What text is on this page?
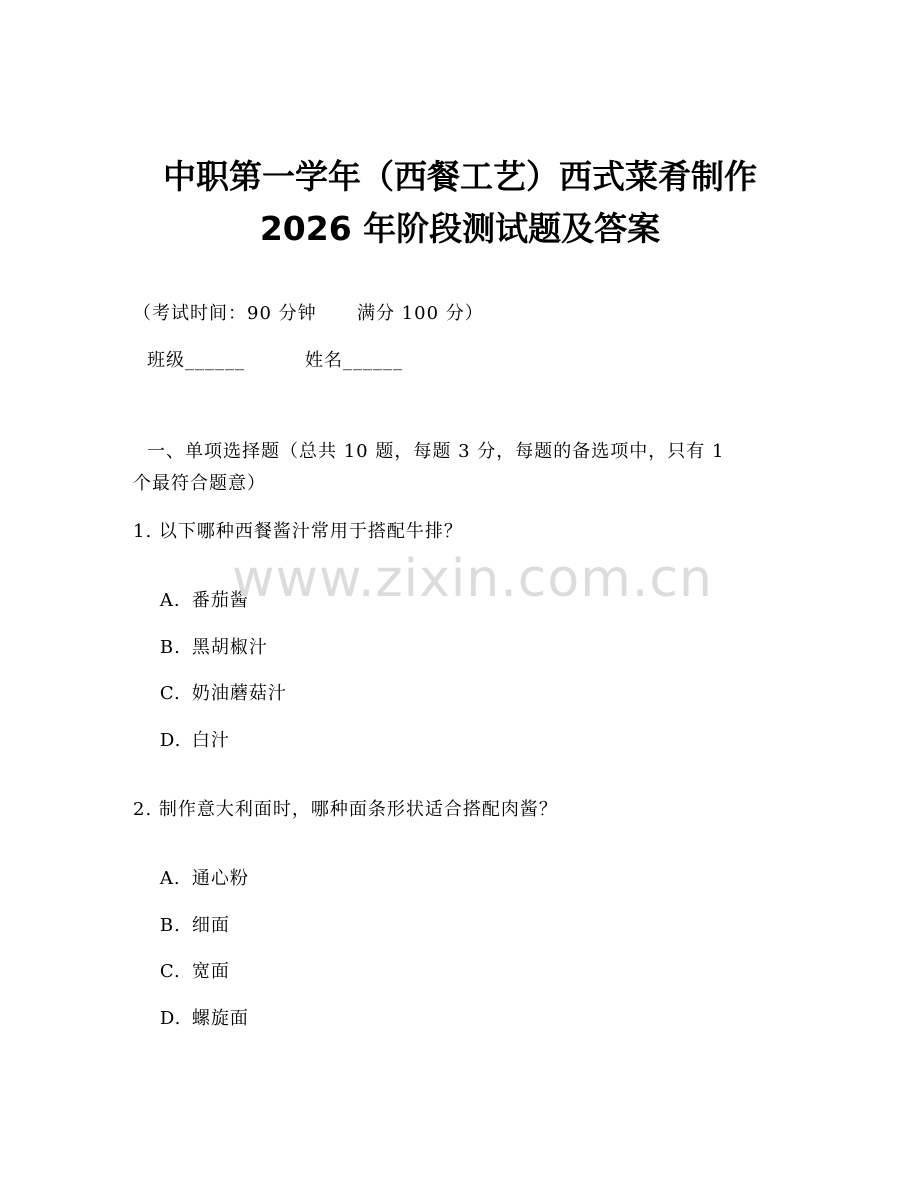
中职第一学年（西餐工艺）西式菜肴制作
2026 年阶段测试题及答案
（考试时间：90 分钟      满分 100 分）
班级______	姓名______
一、单项选择题（总共 10 题，每题 3 分，每题的备选项中，只有 1
个最符合题意）
1. 以下哪种西餐酱汁常用于搭配牛排？

A. 番茄酱

B. 黑胡椒汁

C. 奶油蘑菇汁

D. 白汁

2. 制作意大利面时，哪种面条形状适合搭配肉酱？

A. 通心粉

B. 细面

C. 宽面

D. 螺旋面

www.zixin.com.cn
